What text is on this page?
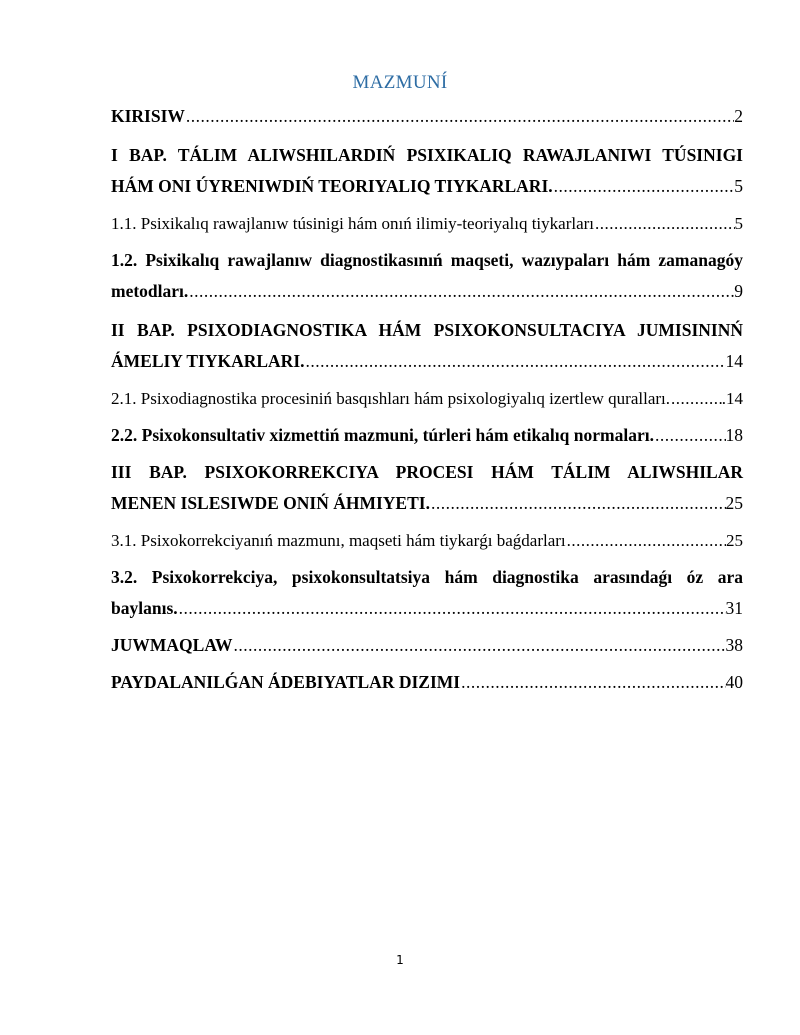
MAZMUNÍ
KIRISIW .....	2
I BAP. TÁLIM ALIWSHILARDIŃ PSIXIKALIQ RAWAJLANIWI TÚSINIGI
HÁM ONI ÚYRENIWDIŃ TEORIYALIQ TIYKARLARI. .....	5
1.1. Psixikalıq rawajlanıw túsinigi hám onıń ilimiy-teoriyalıq tiykarları .....	5
1.2. Psixikalıq rawajlanıw diagnostikasınıń maqseti, wazıypaları hám zamanagóy
metodları. .....	9
II BAP. PSIXODIAGNOSTIKA HÁM PSIXOKONSULTACIYA JUMISININŃ
ÁMELIY TIYKARLARI. .....	14
2.1. Psixodiagnostika procesiniń basqıshları hám psixologiyalıq izertlew quralları. .....	.14
2.2. Psixokonsultativ xizmettiń mazmuni, túrleri hám etikalıq normaları. .....	18
III BAP. PSIXOKORREKCIYA PROCESI HÁM TÁLIM ALIWSHILAR
MENEN ISLESIWDE ONIŃ ÁHMIYETI. .....	25
3.1. Psixokorrekciyanıń mazmunı, maqseti hám tiykarǵı baǵdarları .....	25
3.2. Psixokorrekciya, psixokonsultatsiya hám diagnostika arasındaǵı óz ara
baylanıs. .....	31
JUWMAQLAW .....	38
PAYDALANILǴAN ÁDEBIYATLAR DIZIMI .....	40
1
